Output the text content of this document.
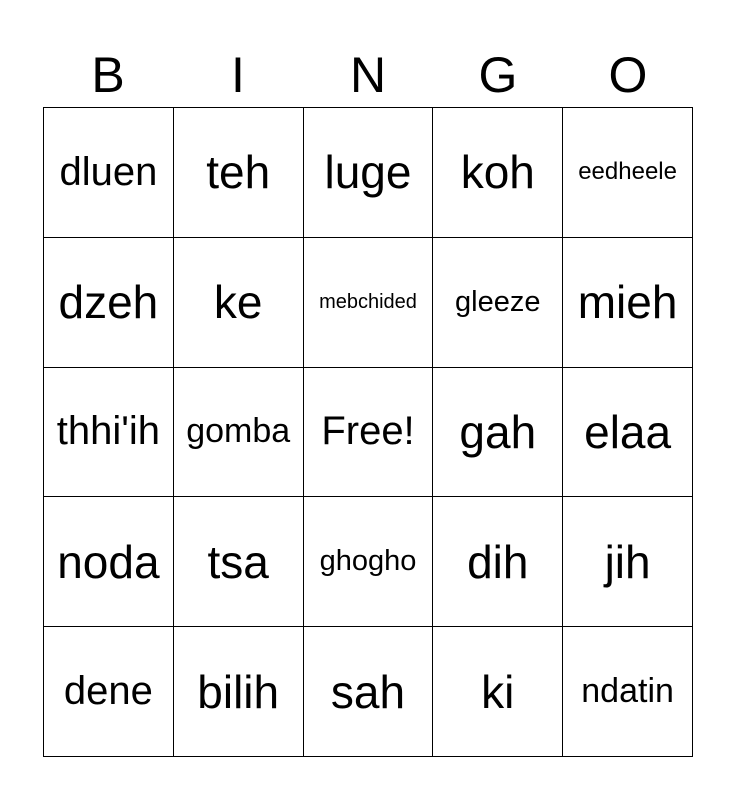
B	I	N	G	O
dluen teh luge koh eedheele
dzeh ke	mebchided gleeze mieh
thhi'ih gomba Free! gah elaa
noda tsa ghogho dih jih
dene bilih sah ki ndatin
